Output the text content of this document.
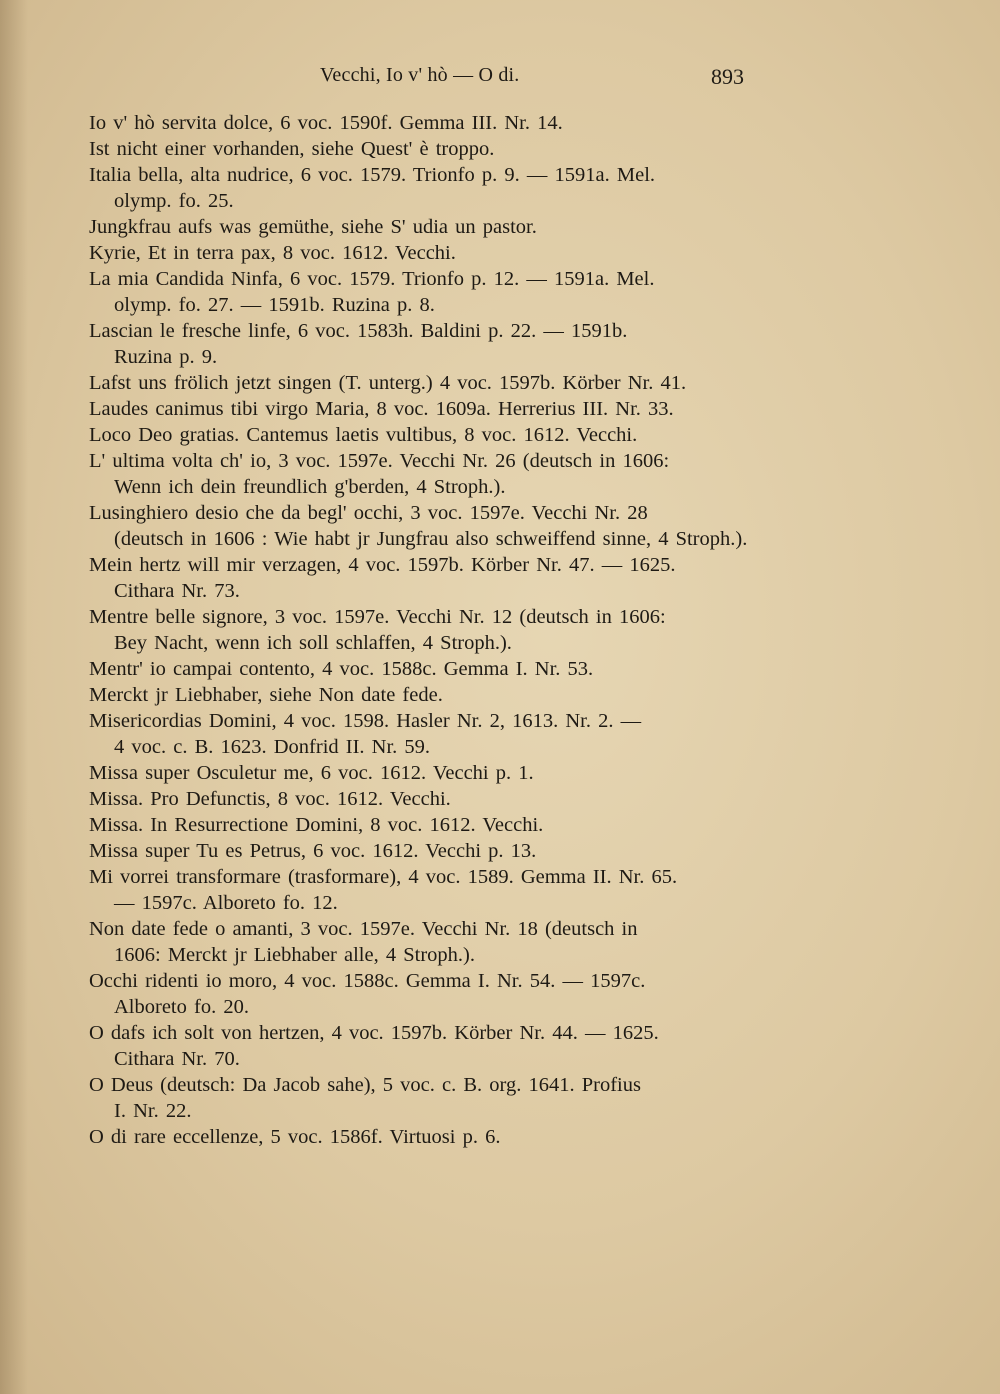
Vecchi, Io v' hò — O di.	893
Io v' hò servita dolce, 6 voc. 1590f. Gemma III. Nr. 14.
Ist nicht einer vorhanden, siehe Quest' è troppo.
Italia bella, alta nudrice, 6 voc. 1579. Trionfo p. 9. — 1591a. Mel.
olymp. fo. 25.
Jungkfrau aufs was gemüthe, siehe S' udia un pastor.
Kyrie, Et in terra pax, 8 voc. 1612. Vecchi.
La mia Candida Ninfa, 6 voc. 1579. Trionfo p. 12. — 1591a. Mel.
olymp. fo. 27. — 1591b. Ruzina p. 8.
Lascian le fresche linfe, 6 voc. 1583h. Baldini p. 22. — 1591b.
Ruzina p. 9.
Lafst uns frölich jetzt singen (T. unterg.) 4 voc. 1597b. Körber Nr. 41.
Laudes canimus tibi virgo Maria, 8 voc. 1609a. Herrerius III. Nr. 33.
Loco Deo gratias. Cantemus laetis vultibus, 8 voc. 1612. Vecchi.
L' ultima volta ch' io, 3 voc. 1597e. Vecchi Nr. 26 (deutsch in 1606:
Wenn ich dein freundlich g'berden, 4 Stroph.).
Lusinghiero desio che da begl' occhi, 3 voc. 1597e. Vecchi Nr. 28
(deutsch in 1606 : Wie habt jr Jungfrau also schweiffend sinne, 4 Stroph.).
Mein hertz will mir verzagen, 4 voc. 1597b. Körber Nr. 47. — 1625.
Cithara Nr. 73.
Mentre belle signore, 3 voc. 1597e. Vecchi Nr. 12 (deutsch in 1606:
Bey Nacht, wenn ich soll schlaffen, 4 Stroph.).
Mentr' io campai contento, 4 voc. 1588c. Gemma I. Nr. 53.
Merckt jr Liebhaber, siehe Non date fede.
Misericordias Domini, 4 voc. 1598. Hasler Nr. 2, 1613. Nr. 2. —
4 voc. c. B. 1623. Donfrid II. Nr. 59.
Missa super Osculetur me, 6 voc. 1612. Vecchi p. 1.
Missa. Pro Defunctis, 8 voc. 1612. Vecchi.
Missa. In Resurrectione Domini, 8 voc. 1612. Vecchi.
Missa super Tu es Petrus, 6 voc. 1612. Vecchi p. 13.
Mi vorrei transformare (trasformare), 4 voc. 1589. Gemma II. Nr. 65.
— 1597c. Alboreto fo. 12.
Non date fede o amanti, 3 voc. 1597e. Vecchi Nr. 18 (deutsch in
1606: Merckt jr Liebhaber alle, 4 Stroph.).
Occhi ridenti io moro, 4 voc. 1588c. Gemma I. Nr. 54. — 1597c.
Alboreto fo. 20.
O dafs ich solt von hertzen, 4 voc. 1597b. Körber Nr. 44. — 1625.
Cithara Nr. 70.
O Deus (deutsch: Da Jacob sahe), 5 voc. c. B. org. 1641. Profius
I. Nr. 22.
O di rare eccellenze, 5 voc. 1586f. Virtuosi p. 6.
